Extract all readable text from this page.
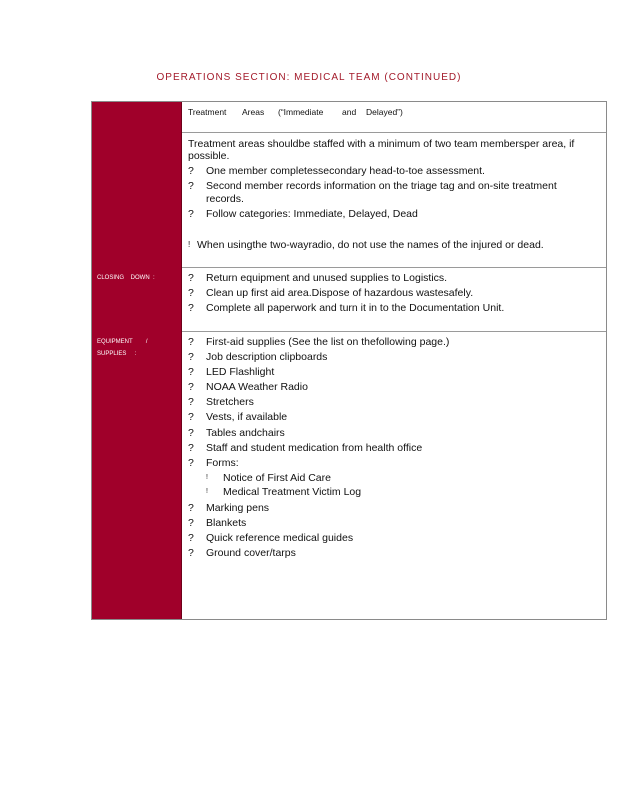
OPERATIONS SECTION: MEDICAL TEAM (CONTINUED)
CLOSING    DOWN  :
EQUIPMENT        /
SUPPLIES     :
Treatment Areas (“Immediate and Delayed”)
Treatment areas shouldbe staffed with a minimum of two team membersper area, if
possible.
? One member completessecondary head-to-toe assessment.
? Second member records information on the triage tag and on-site treatment
records.
? Follow categories: Immediate, Delayed, Dead
! When usingthe two-wayradio, do not use the names of the injured or dead.
? Return equipment and unused supplies to Logistics.
? Clean up first aid area.Dispose of hazardous wastesafely.
? Complete all paperwork and turn it in to the Documentation Unit.
? First-aid supplies (See the list on thefollowing page.)
? Job description clipboards
? LED Flashlight
? NOAA Weather Radio
? Stretchers
? Vests, if available
? Tables andchairs
? Staff and student medication from health office
? Forms:
! Notice of First Aid Care
! Medical Treatment Victim Log
? Marking pens
? Blankets
? Quick reference medical guides
? Ground cover/tarps
